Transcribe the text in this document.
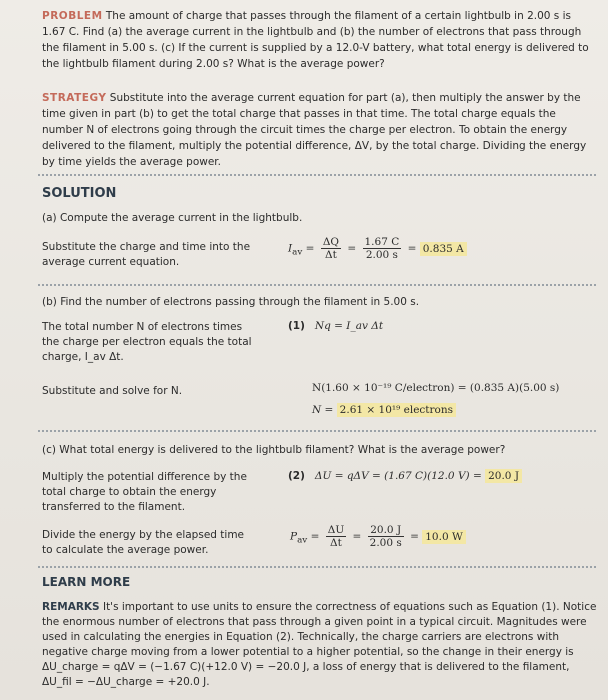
PROBLEM The amount of charge that passes through the filament of a certain lightbulb in 2.00 s is 1.67 C. Find (a) the average current in the lightbulb and (b) the number of electrons that pass through the filament in 5.00 s. (c) If the current is supplied by a 12.0-V battery, what total energy is delivered to the lightbulb filament during 2.00 s? What is the average power?
STRATEGY Substitute into the average current equation for part (a), then multiply the answer by the time given in part (b) to get the total charge that passes in that time. The total charge equals the number N of electrons going through the circuit times the charge per electron. To obtain the energy delivered to the filament, multiply the potential difference, ΔV, by the total charge. Dividing the energy by time yields the average power.
SOLUTION
(a) Compute the average current in the lightbulb.
Substitute the charge and time into the average current equation.
$I_{av} = \frac{\Delta Q}{\Delta t} = \frac{1.67 C}{2.00 s} = 0.835$ A
(b) Find the number of electrons passing through the filament in 5.00 s.
The total number N of electrons times the charge per electron equals the total charge, I_av Δt.
(1) Nq = I_av Δt
Substitute and solve for N.	N(1.60 × 10⁻¹⁹ C/electron) = (0.835 A)(5.00 s)
N = 2.61 × 10¹⁹ electrons
(c) What total energy is delivered to the lightbulb filament? What is the average power?
Multiply the potential difference by the total charge to obtain the energy transferred to the filament.
(2) ΔU = qΔV = (1.67 C)(12.0 V) = 20.0 J
Divide the energy by the elapsed time to calculate the average power.
$P_{av} = \frac{\Delta U}{\Delta t} = \frac{20.0 J}{2.00 s} = 10.0$ W
LEARN MORE
REMARKS It's important to use units to ensure the correctness of equations such as Equation (1). Notice the enormous number of electrons that pass through a given point in a typical circuit. Magnitudes were used in calculating the energies in Equation (2). Technically, the charge carriers are electrons with negative charge moving from a lower potential to a higher potential, so the change in their energy is ΔU_charge = qΔV = (−1.67 C)(+12.0 V) = −20.0 J, a loss of energy that is delivered to the filament, ΔU_fil = −ΔU_charge = +20.0 J.
